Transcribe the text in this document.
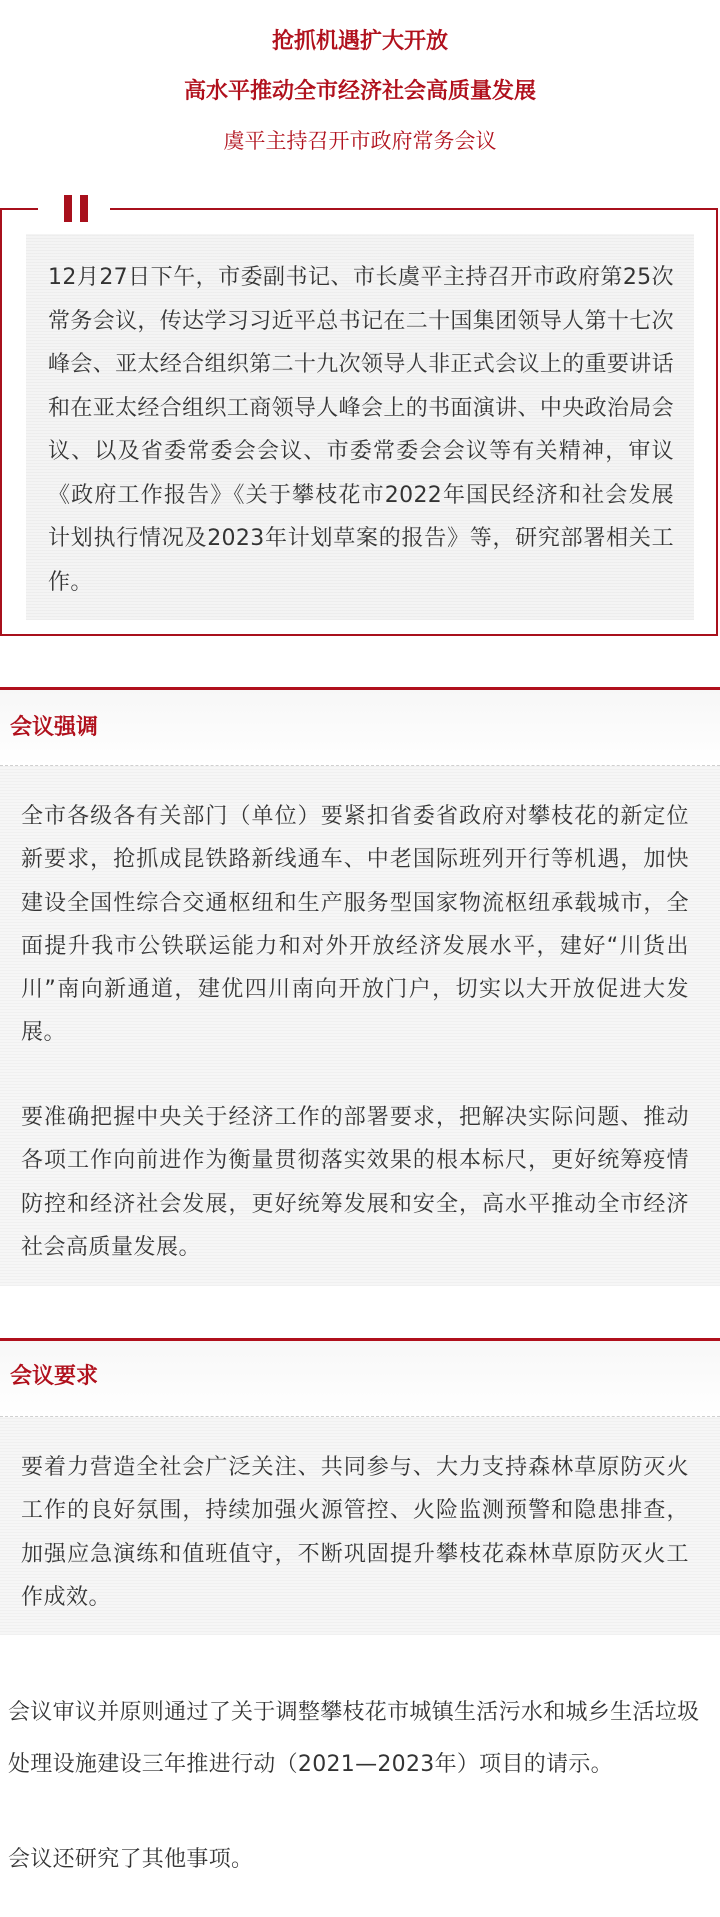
抢抓机遇扩大开放
高水平推动全市经济社会高质量发展
虞平主持召开市政府常务会议

12月27日下午，市委副书记、市长虞平主持召开市政府第25次常务会议，传达学习习近平总书记在二十国集团领导人第十七次峰会、亚太经合组织第二十九次领导人非正式会议上的重要讲话和在亚太经合组织工商领导人峰会上的书面演讲、中央政治局会议、以及省委常委会会议、市委常委会会议等有关精神，审议《政府工作报告》《关于攀枝花市2022年国民经济和社会发展计划执行情况及2023年计划草案的报告》等，研究部署相关工作。

会议强调

全市各级各有关部门（单位）要紧扣省委省政府对攀枝花的新定位新要求，抢抓成昆铁路新线通车、中老国际班列开行等机遇，加快建设全国性综合交通枢纽和生产服务型国家物流枢纽承载城市，全面提升我市公铁联运能力和对外开放经济发展水平，建好“川货出川”南向新通道，建优四川南向开放门户，切实以大开放促进大发展。

要准确把握中央关于经济工作的部署要求，把解决实际问题、推动各项工作向前进作为衡量贯彻落实效果的根本标尺，更好统筹疫情防控和经济社会发展，更好统筹发展和安全，高水平推动全市经济社会高质量发展。

会议要求

要着力营造全社会广泛关注、共同参与、大力支持森林草原防灭火工作的良好氛围，持续加强火源管控、火险监测预警和隐患排查，加强应急演练和值班值守，不断巩固提升攀枝花森林草原防灭火工作成效。

会议审议并原则通过了关于调整攀枝花市城镇生活污水和城乡生活垃圾处理设施建设三年推进行动（2021—2023年）项目的请示。

会议还研究了其他事项。
